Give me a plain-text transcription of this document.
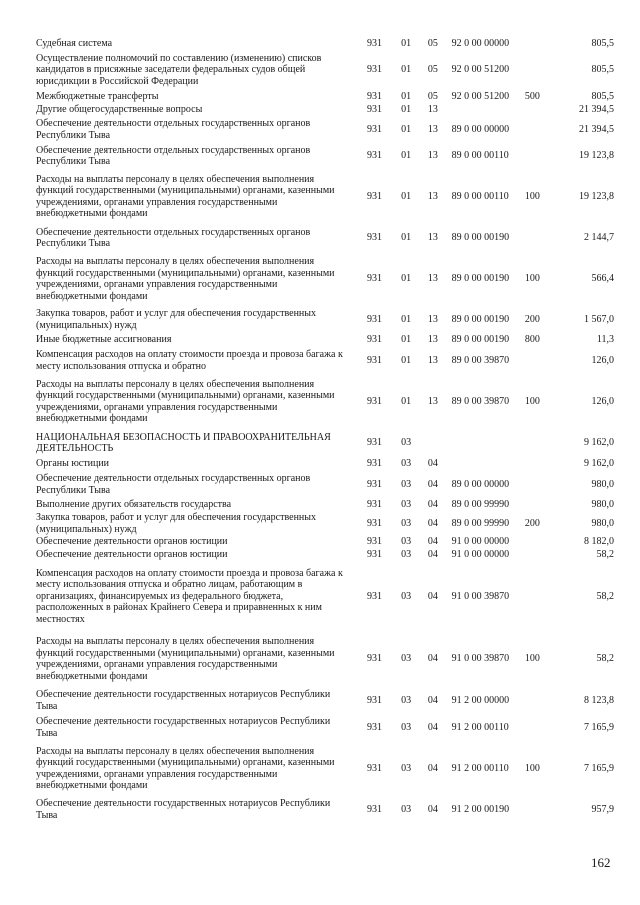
Судебная система	931	01	05	92 0 00 00000		805,5
Осуществление полномочий по составлению (изменению) списков кандидатов в присяжные заседатели федеральных судов общей юрисдикции в Российской Федерации	931	01	05	92 0 00 51200		805,5
Межбюджетные трансферты	931	01	05	92 0 00 51200	500	805,5
Другие общегосударственные вопросы	931	01	13			21 394,5
Обеспечение деятельности отдельных государственных органов Республики Тыва	931	01	13	89 0 00 00000		21 394,5
Обеспечение деятельности отдельных государственных органов Республики Тыва	931	01	13	89 0 00 00110		19 123,8
Расходы на выплаты персоналу в целях обеспечения выполнения функций государственными (муниципальными) органами, казенными учреждениями, органами управления государственными внебюджетными фондами	931	01	13	89 0 00 00110	100	19 123,8
Обеспечение деятельности отдельных государственных органов Республики Тыва	931	01	13	89 0 00 00190		2 144,7
Расходы на выплаты персоналу в целях обеспечения выполнения функций государственными (муниципальными) органами, казенными учреждениями, органами управления государственными внебюджетными фондами	931	01	13	89 0 00 00190	100	566,4
Закупка товаров, работ и услуг для обеспечения государственных (муниципальных) нужд	931	01	13	89 0 00 00190	200	1 567,0
Иные бюджетные ассигнования	931	01	13	89 0 00 00190	800	11,3
Компенсация расходов на оплату стоимости проезда и провоза багажа к месту использования отпуска и обратно	931	01	13	89 0 00 39870		126,0
Расходы на выплаты персоналу в целях обеспечения выполнения функций государственными (муниципальными) органами, казенными учреждениями, органами управления государственными внебюджетными фондами	931	01	13	89 0 00 39870	100	126,0
НАЦИОНАЛЬНАЯ БЕЗОПАСНОСТЬ И ПРАВООХРАНИТЕЛЬНАЯ ДЕЯТЕЛЬНОСТЬ	931	03				9 162,0
Органы юстиции	931	03	04			9 162,0
Обеспечение деятельности отдельных государственных органов Республики Тыва	931	03	04	89 0 00 00000		980,0
Выполнение других обязательств государства	931	03	04	89 0 00 99990		980,0
Закупка товаров, работ и услуг для обеспечения государственных (муниципальных) нужд	931	03	04	89 0 00 99990	200	980,0
Обеспечение деятельности органов юстиции	931	03	04	91 0 00 00000		8 182,0
Обеспечение деятельности органов юстиции	931	03	04	91 0 00 00000		58,2
Компенсация расходов на оплату стоимости проезда и провоза багажа к месту использования отпуска и обратно лицам, работающим в организациях, финансируемых из федерального бюджета, расположенных в районах Крайнего Севера и приравненных к ним местностях	931	03	04	91 0 00 39870		58,2
Расходы на выплаты персоналу в целях обеспечения выполнения функций государственными (муниципальными) органами, казенными учреждениями, органами управления государственными внебюджетными фондами	931	03	04	91 0 00 39870	100	58,2
Обеспечение деятельности государственных нотариусов Республики Тыва	931	03	04	91 2 00 00000		8 123,8
Обеспечение деятельности государственных нотариусов Республики Тыва	931	03	04	91 2 00 00110		7 165,9
Расходы на выплаты персоналу в целях обеспечения выполнения функций государственными (муниципальными) органами, казенными учреждениями, органами управления государственными внебюджетными фондами	931	03	04	91 2 00 00110	100	7 165,9
Обеспечение деятельности государственных нотариусов Республики Тыва	931	03	04	91 2 00 00190		957,9
162
